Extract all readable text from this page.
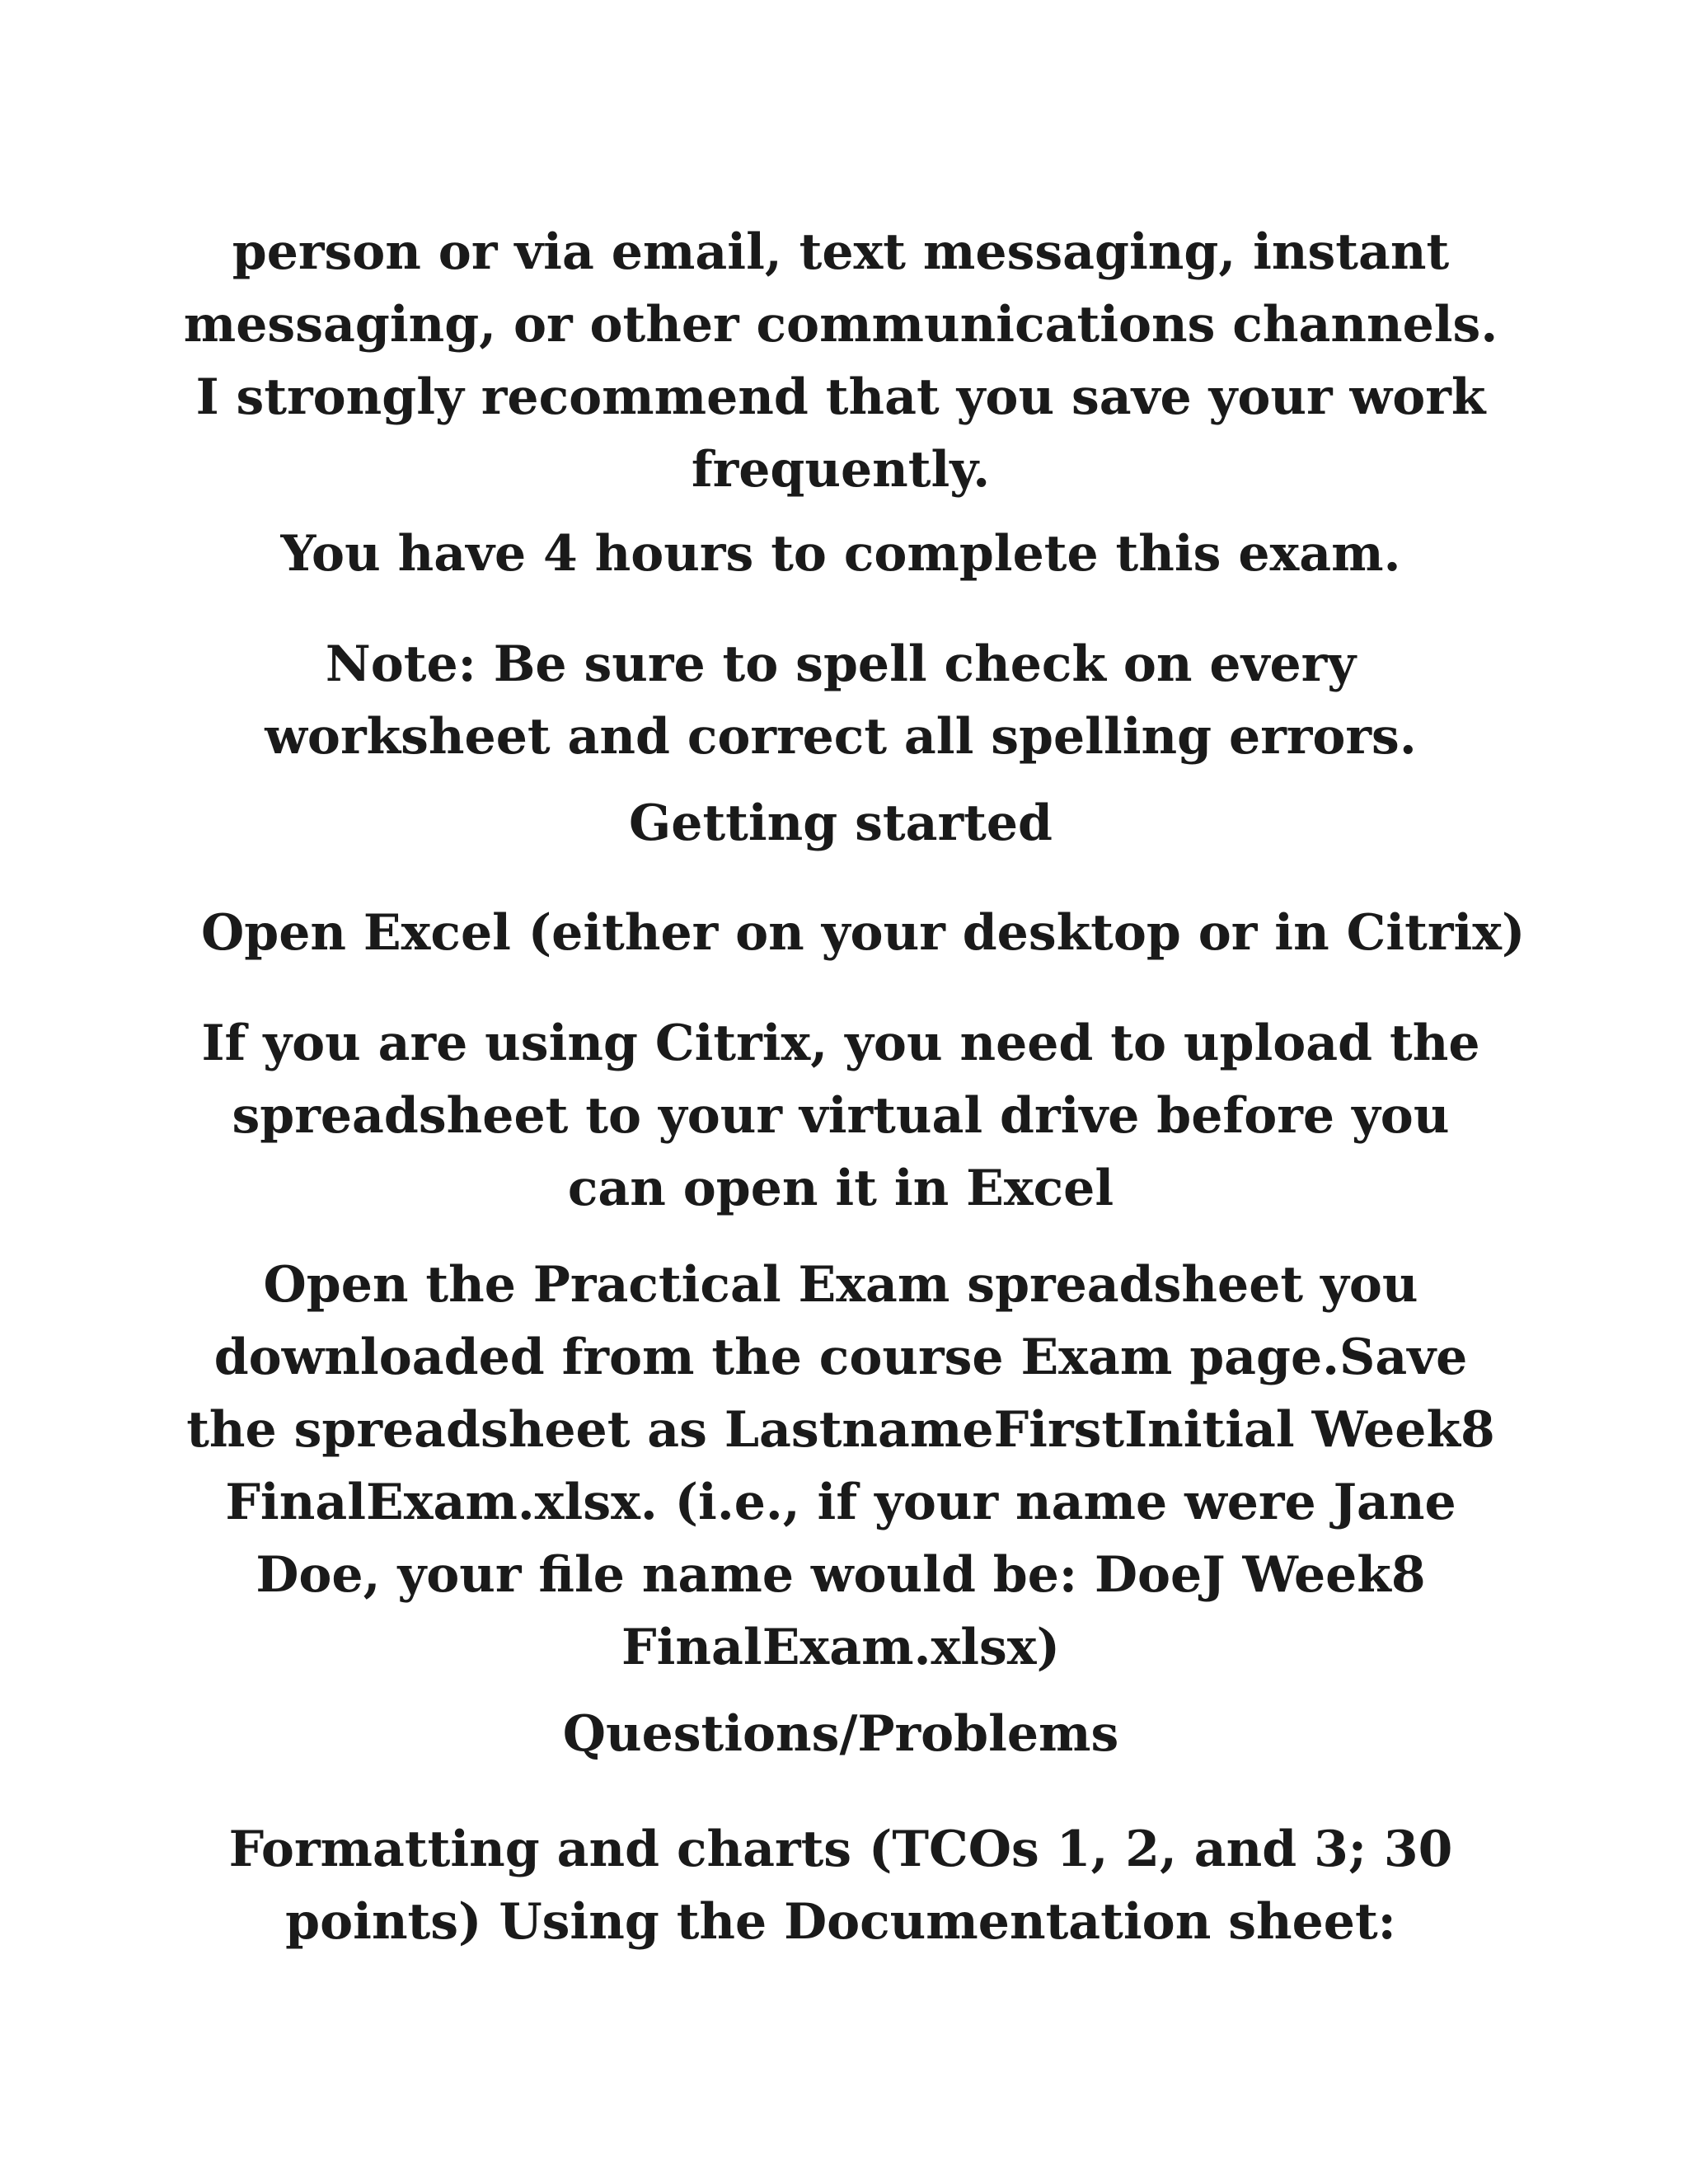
person or via email, text messaging, instant messaging, or other communications channels. I strongly recommend that you save your work frequently.

You have 4 hours to complete this exam.

Note: Be sure to spell check on every worksheet and correct all spelling errors.

Getting started

Open Excel (either on your desktop or in Citrix)

If you are using Citrix, you need to upload the spreadsheet to your virtual drive before you can open it in Excel

Open the Practical Exam spreadsheet you downloaded from the course Exam page.Save the spreadsheet as LastnameFirstInitial Week8 FinalExam.xlsx. (i.e., if your name were Jane Doe, your file name would be: DoeJ Week8 FinalExam.xlsx)

Questions/Problems

Formatting and charts (TCOs 1, 2, and 3; 30 points) Using the Documentation sheet:
